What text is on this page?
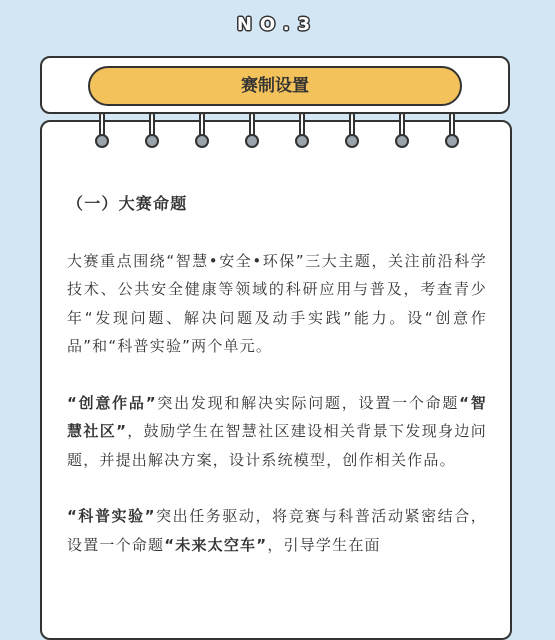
NO.3
赛制设置

（一）大赛命题

大赛重点围绕“智慧•安全•环保”三大主题，关注前沿科学技术、公共安全健康等领域的科研应用与普及，考查青少年“发现问题、解决问题及动手实践”能力。设“创意作品”和“科普实验”两个单元。

“创意作品”突出发现和解决实际问题，设置一个命题“智慧社区”，鼓励学生在智慧社区建设相关背景下发现身边问题，并提出解决方案，设计系统模型，创作相关作品。

“科普实验”突出任务驱动，将竞赛与科普活动紧密结合，设置一个命题“未来太空车”，引导学生在面
